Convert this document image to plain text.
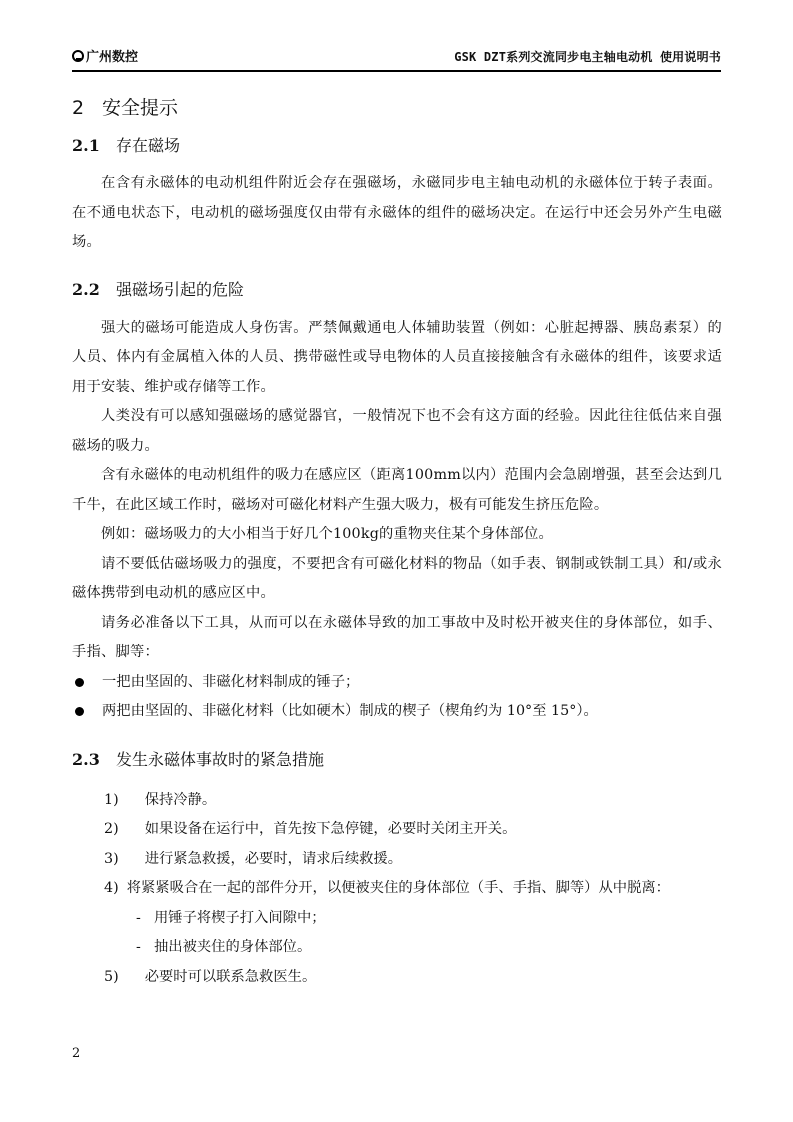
广州数控	GSK DZT系列交流同步电主轴电动机 使用说明书
2 安全提示
2.1 存在磁场

在含有永磁体的电动机组件附近会存在强磁场，永磁同步电主轴电动机的永磁体位于转子表面。在不通电状态下，电动机的磁场强度仅由带有永磁体的组件的磁场决定。在运行中还会另外产生电磁场。

2.2 强磁场引起的危险

强大的磁场可能造成人身伤害。严禁佩戴通电人体辅助装置（例如：心脏起搏器、胰岛素泵）的人员、体内有金属植入体的人员、携带磁性或导电物体的人员直接接触含有永磁体的组件，该要求适用于安装、维护或存储等工作。

人类没有可以感知强磁场的感觉器官，一般情况下也不会有这方面的经验。因此往往低估来自强磁场的吸力。

含有永磁体的电动机组件的吸力在感应区（距离100mm以内）范围内会急剧增强，甚至会达到几千牛，在此区域工作时，磁场对可磁化材料产生强大吸力，极有可能发生挤压危险。

例如：磁场吸力的大小相当于好几个100kg的重物夹住某个身体部位。

请不要低估磁场吸力的强度，不要把含有可磁化材料的物品（如手表、钢制或铁制工具）和/或永磁体携带到电动机的感应区中。

请务必准备以下工具，从而可以在永磁体导致的加工事故中及时松开被夹住的身体部位，如手、手指、脚等：

一把由坚固的、非磁化材料制成的锤子；
两把由坚固的、非磁化材料（比如硬木）制成的楔子（楔角约为 10°至 15°）。
2.3 发生永磁体事故时的紧急措施
1) 保持冷静。
2) 如果设备在运行中，首先按下急停键，必要时关闭主开关。
3) 进行紧急救援，必要时，请求后续救援。
4) 将紧紧吸合在一起的部件分开，以便被夹住的身体部位（手、手指、脚等）从中脱离：
- 用锤子将楔子打入间隙中；
- 抽出被夹住的身体部位。
5) 必要时可以联系急救医生。
2
